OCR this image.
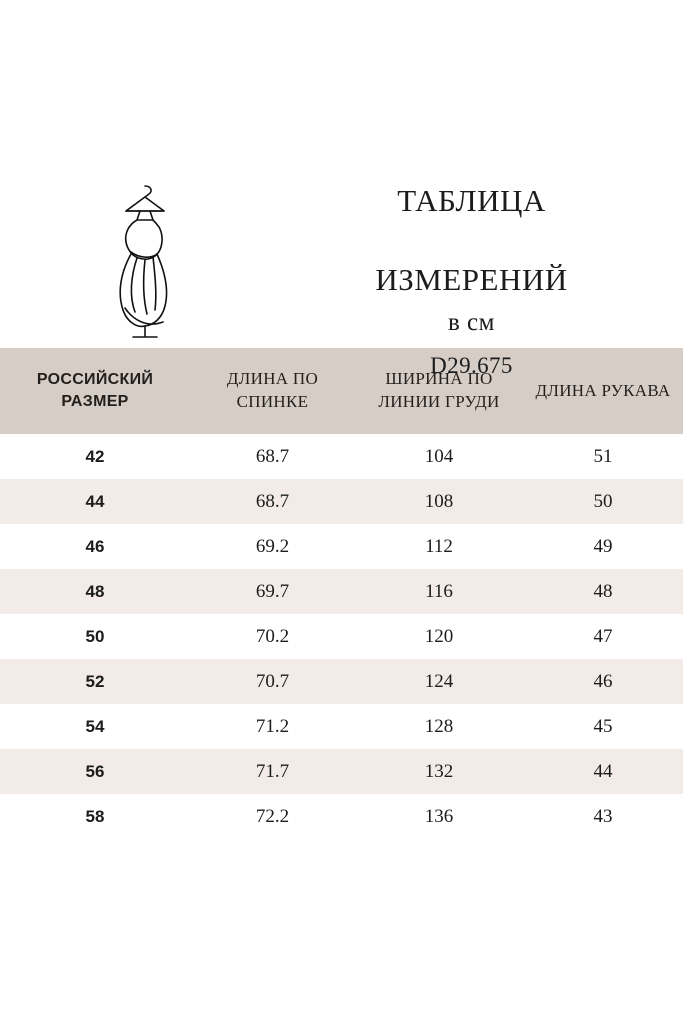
ТАБЛИЦА

ИЗМЕРЕНИЙ
в см

D29.675
РОССИЙСКИЙ РАЗМЕР	ДЛИНА ПО СПИНКЕ	ШИРИНА ПО ЛИНИИ ГРУДИ	ДЛИНА РУКАВА
42	68.7	104	51
44	68.7	108	50
46	69.2	112	49
48	69.7	116	48
50	70.2	120	47
52	70.7	124	46
54	71.2	128	45
56	71.7	132	44
58	72.2	136	43
